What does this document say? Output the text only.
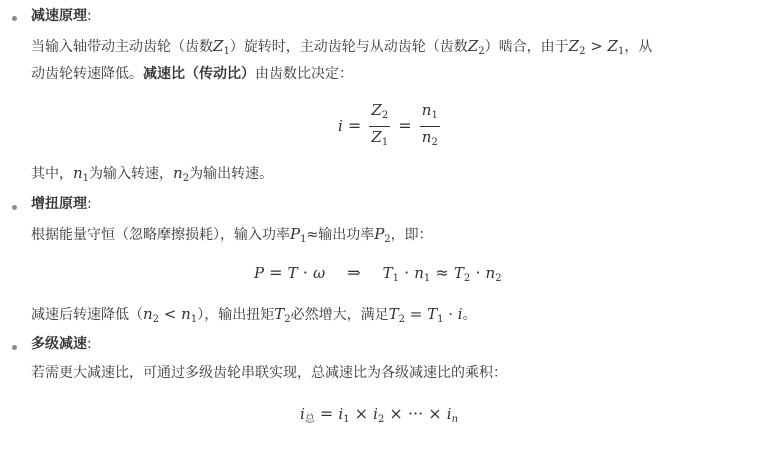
减速原理:
当输入轴带动主动齿轮（齿数$Z_1$）旋转时，主动齿轮与从动齿轮（齿数$Z_2$）啮合，由于$Z_2 > Z_1$，从
动齿轮转速降低。减速比（传动比）由齿数比决定：
$i = \frac{Z_2}{Z_1} = \frac{n_1}{n_2}$
其中，$n_1$为输入转速，$n_2$为输出转速。
增扭原理:
根据能量守恒（忽略摩擦损耗），输入功率$P_1\approx$输出功率$P_2$，即：
P = T · ω ⇒ $T_1 \cdot n_1 \approx T_2 \cdot n_2$
减速后转速降低$(n_2 < n_1)$，输出扭矩$T_2$必然增大，满足$T_2 = T_1 \cdot i$。
多级减速:
若需更大减速比，可通过多级齿轮串联实现，总减速比为各级减速比的乘积：
i总 = $i_1 \times i_2$ × ··· × $i_n$
